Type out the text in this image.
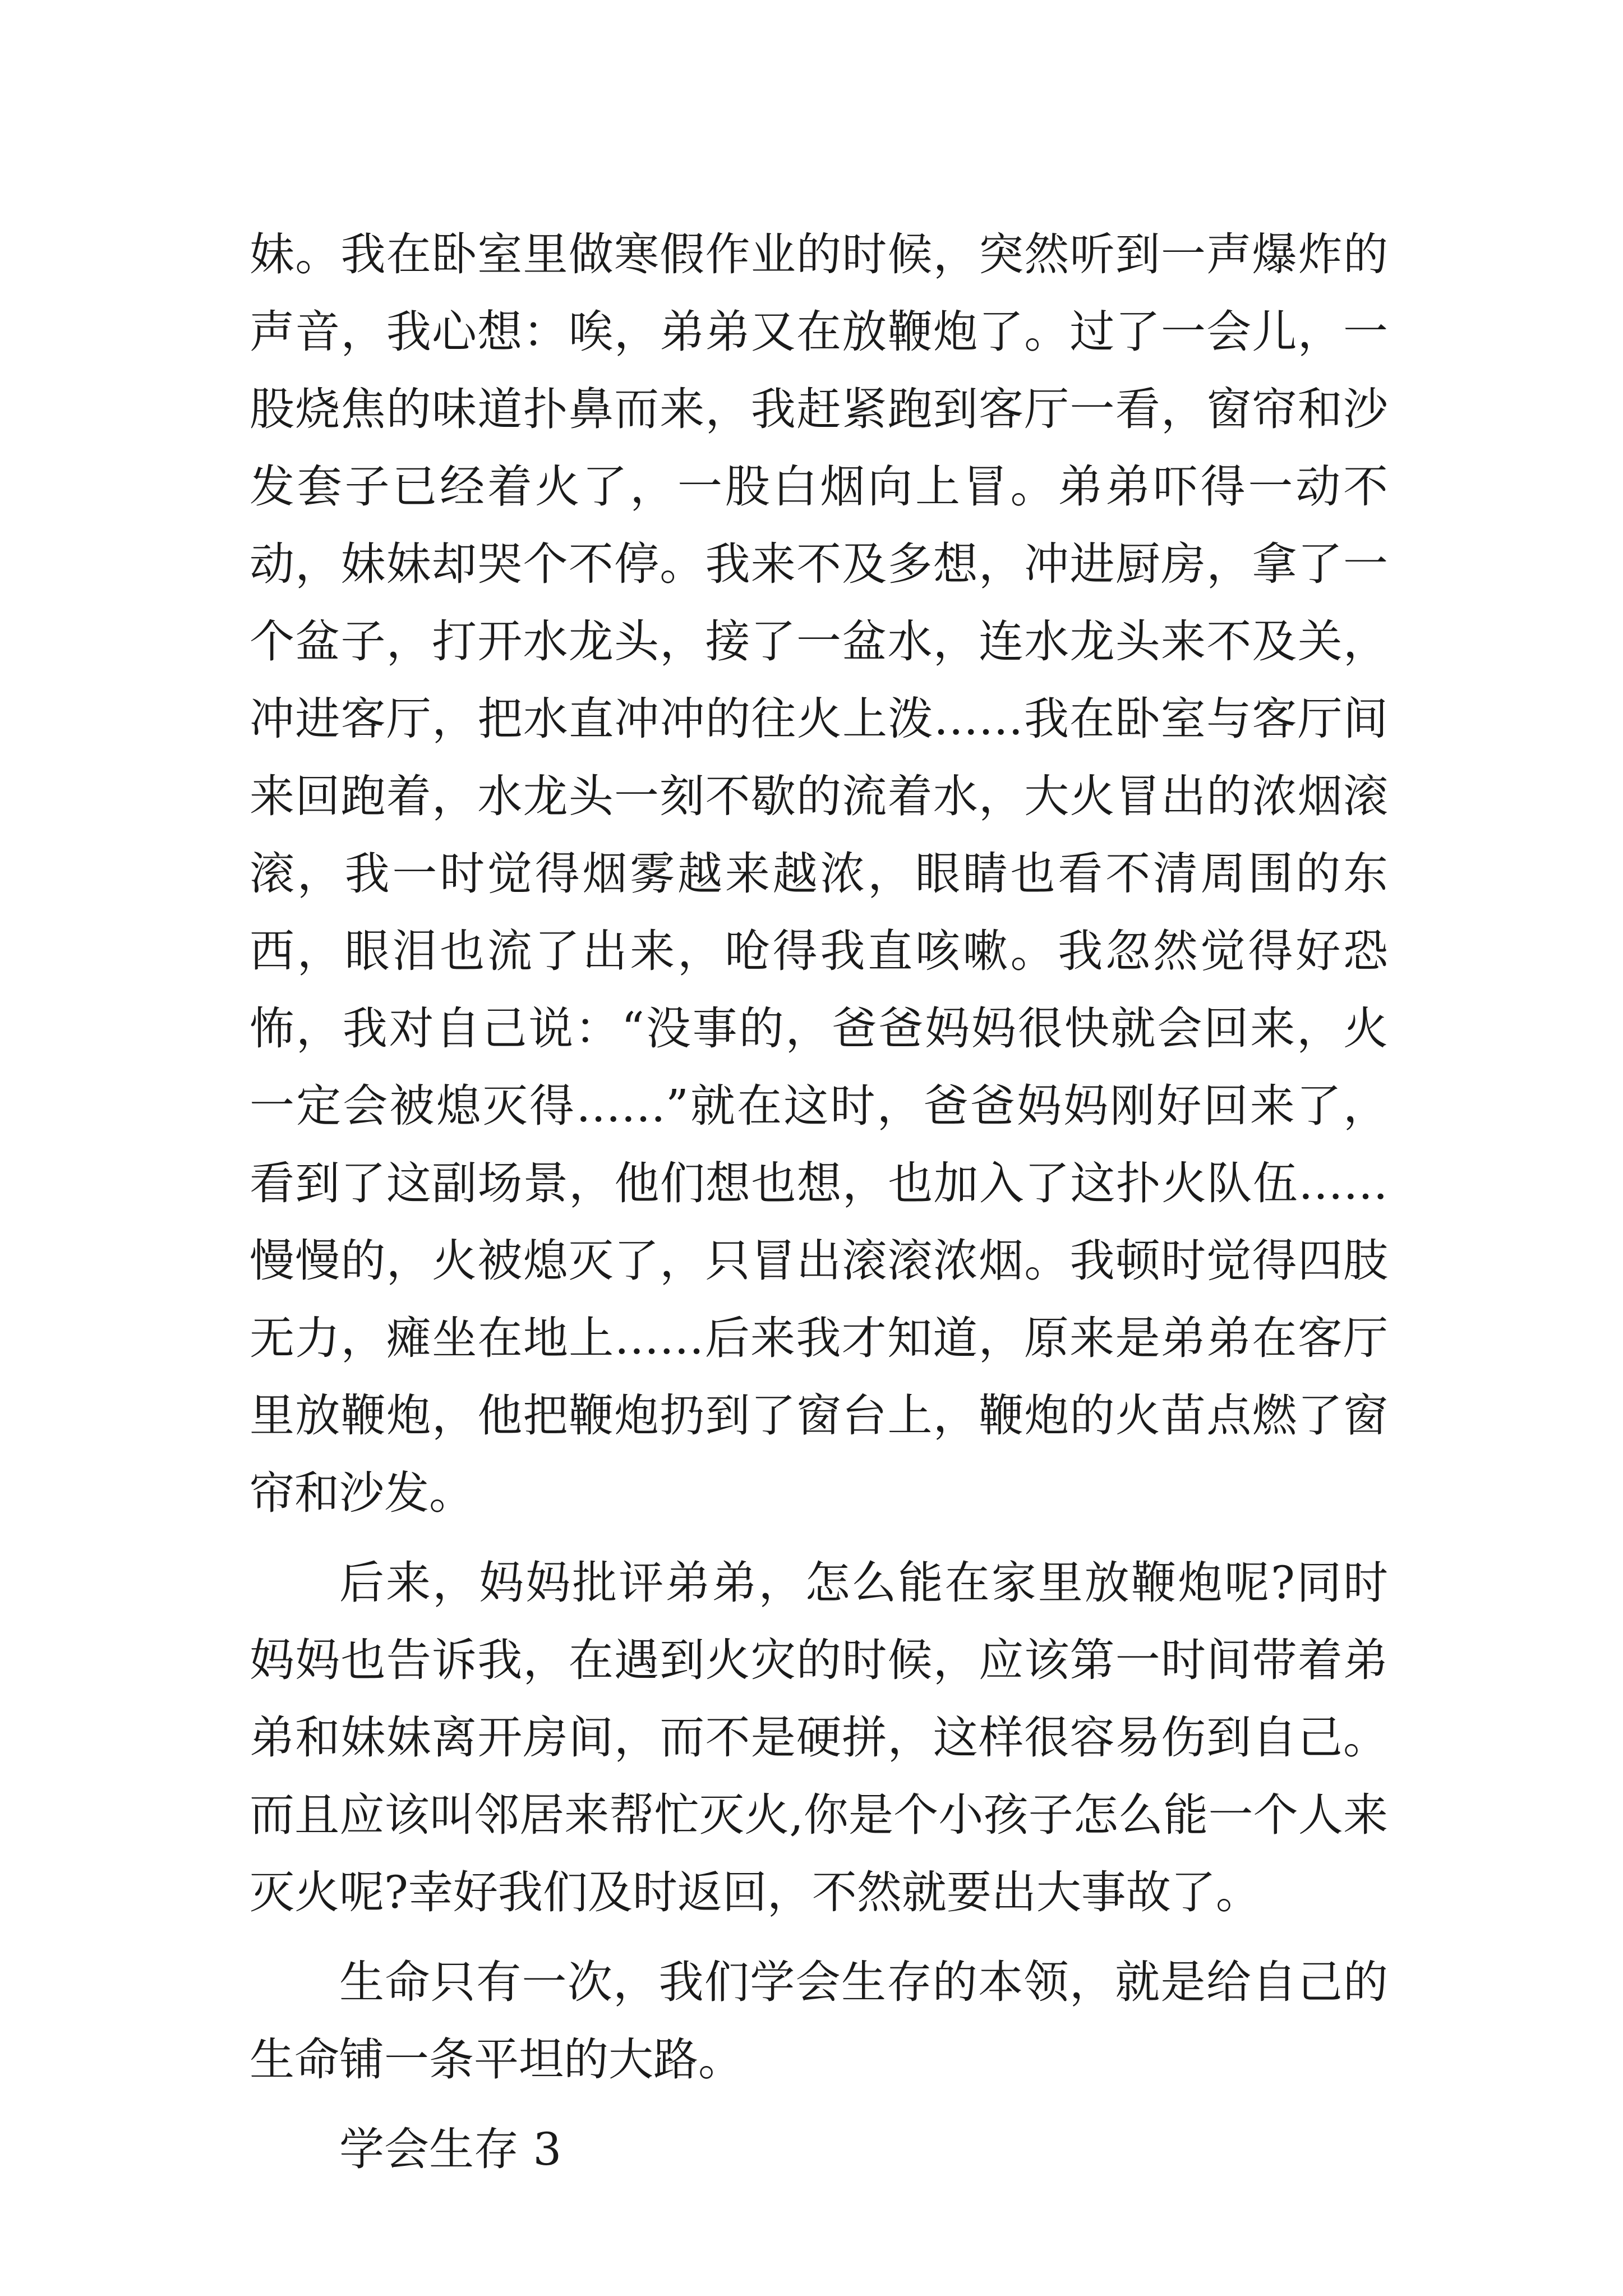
妹。我在卧室里做寒假作业的时候，突然听到一声爆炸的声音，我心想：唉，弟弟又在放鞭炮了。过了一会儿，一股烧焦的味道扑鼻而来，我赶紧跑到客厅一看，窗帘和沙发套子已经着火了，一股白烟向上冒。弟弟吓得一动不动，妹妹却哭个不停。我来不及多想，冲进厨房，拿了一个盆子，打开水龙头，接了一盆水，连水龙头来不及关，冲进客厅，把水直冲冲的往火上泼……我在卧室与客厅间来回跑着，水龙头一刻不歇的流着水，大火冒出的浓烟滚滚，我一时觉得烟雾越来越浓，眼睛也看不清周围的东西，眼泪也流了出来，呛得我直咳嗽。我忽然觉得好恐怖，我对自己说：“没事的，爸爸妈妈很快就会回来，火一定会被熄灭得……”就在这时，爸爸妈妈刚好回来了，看到了这副场景，他们想也想，也加入了这扑火队伍……慢慢的，火被熄灭了，只冒出滚滚浓烟。我顿时觉得四肢无力，瘫坐在地上……后来我才知道，原来是弟弟在客厅里放鞭炮，他把鞭炮扔到了窗台上，鞭炮的火苗点燃了窗帘和沙发。

后来，妈妈批评弟弟，怎么能在家里放鞭炮呢?同时妈妈也告诉我，在遇到火灾的时候，应该第一时间带着弟弟和妹妹离开房间，而不是硬拼，这样很容易伤到自己。而且应该叫邻居来帮忙灭火,你是个小孩子怎么能一个人来灭火呢?幸好我们及时返回，不然就要出大事故了。

生命只有一次，我们学会生存的本领，就是给自己的生命铺一条平坦的大路。

学会生存 3
